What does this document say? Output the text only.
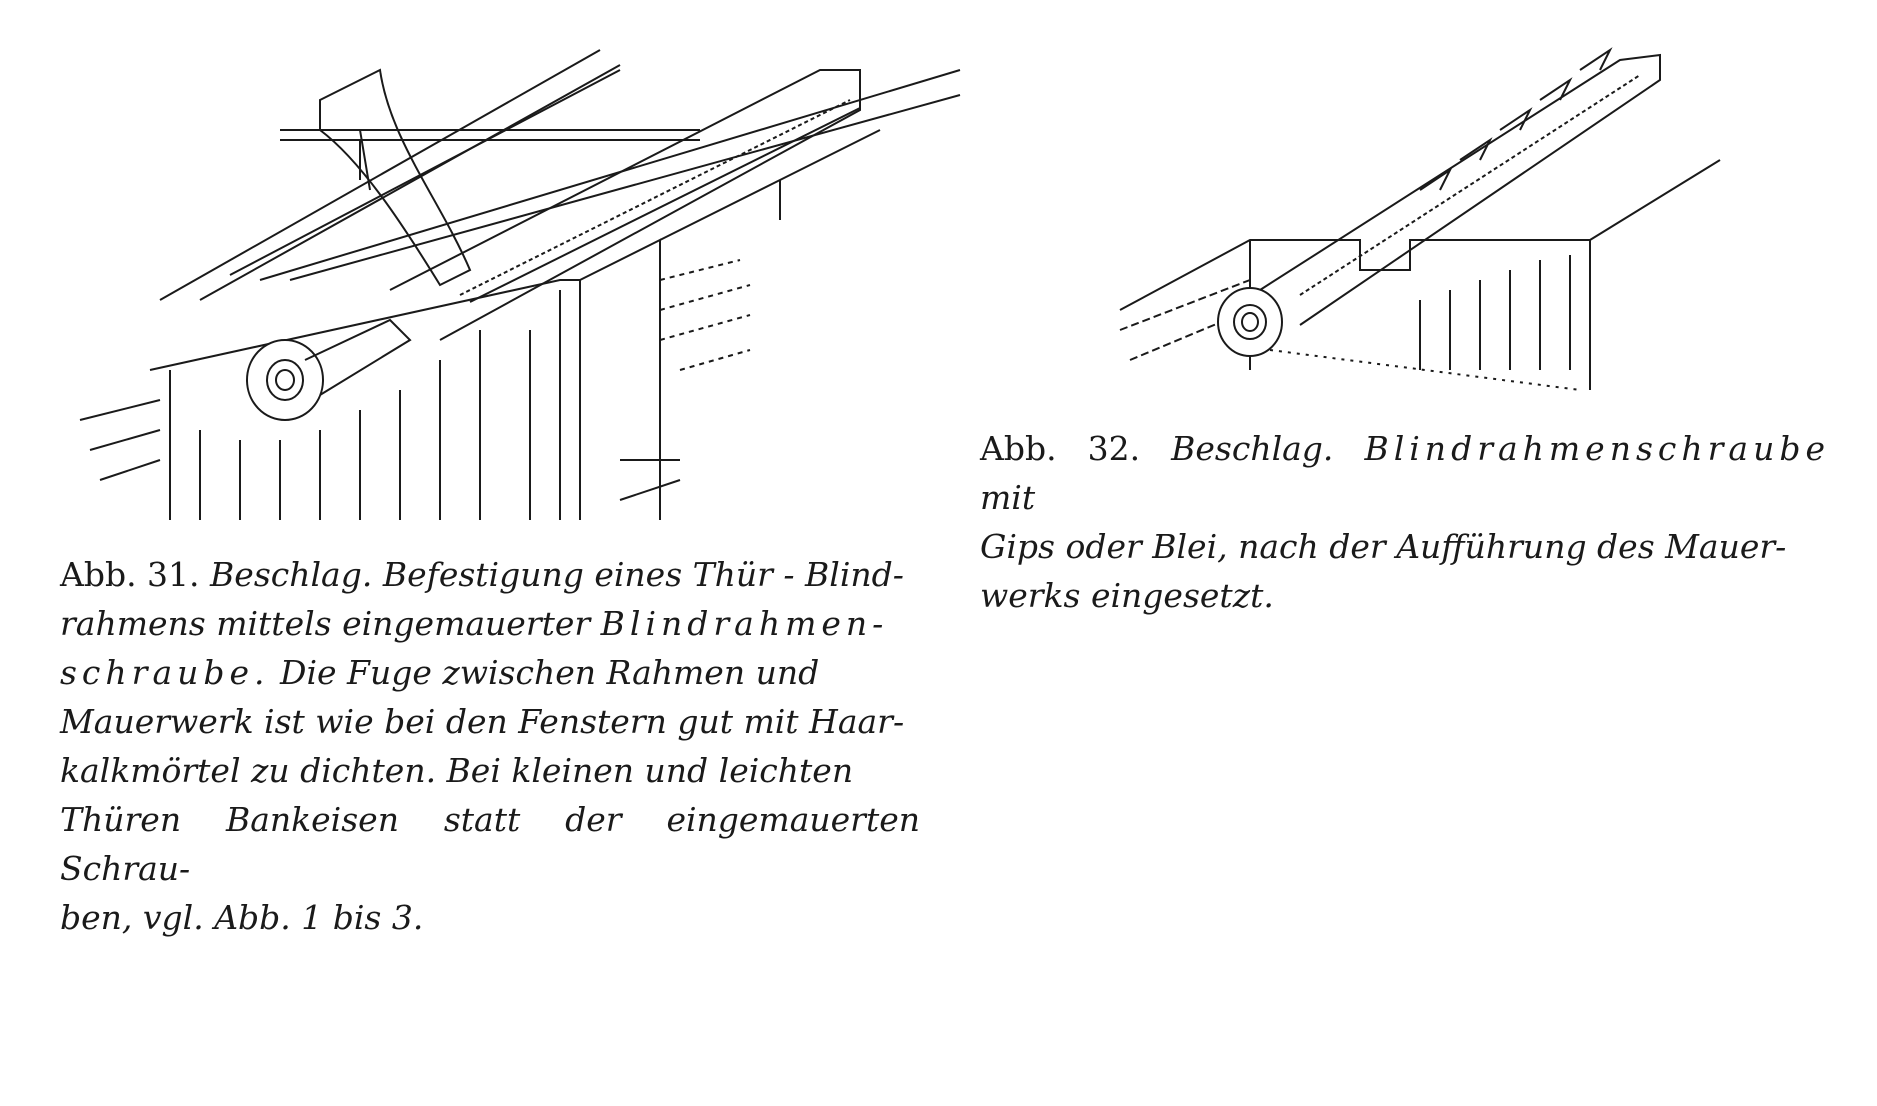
Abb. 31. Beschlag. Befestigung eines Thür - Blind-
rahmens mittels eingemauerter Blindrahmen-
schraube. Die Fuge zwischen Rahmen und
Mauerwerk ist wie bei den Fenstern gut mit Haar-
kalkmörtel zu dichten. Bei kleinen und leichten
Thüren Bankeisen statt der eingemauerten Schrau-
ben, vgl. Abb. 1 bis 3.
Abb. 32. Beschlag. Blindrahmenschraube mit
Gips oder Blei, nach der Aufführung des Mauer-
werks eingesetzt.
